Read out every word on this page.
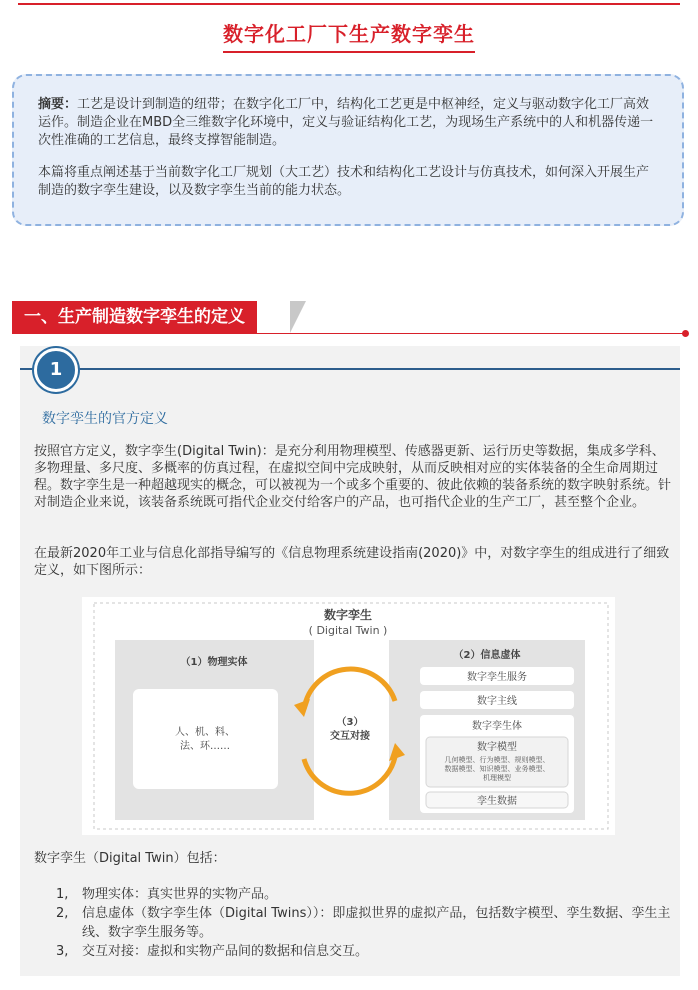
数字化工厂下生产数字孪生

摘要：工艺是设计到制造的纽带；在数字化工厂中，结构化工艺更是中枢神经，定义与驱动数字化工厂高效运作。制造企业在MBD全三维数字化环境中，定义与验证结构化工艺，为现场生产系统中的人和机器传递一次性准确的工艺信息，最终支撑智能制造。

本篇将重点阐述基于当前数字化工厂规划（大工艺）技术和结构化工艺设计与仿真技术，如何深入开展生产制造的数字孪生建设，以及数字孪生当前的能力状态。

一、生产制造数字孪生的定义
1
数字孪生的官方定义

按照官方定义，数字孪生(Digital Twin)：是充分利用物理模型、传感器更新、运行历史等数据，集成多学科、多物理量、多尺度、多概率的仿真过程，在虚拟空间中完成映射，从而反映相对应的实体装备的全生命周期过程。数字孪生是一种超越现实的概念，可以被视为一个或多个重要的、彼此依赖的装备系统的数字映射系统。针对制造企业来说，该装备系统既可指代企业交付给客户的产品，也可指代企业的生产工厂，甚至整个企业。

在最新2020年工业与信息化部指导编写的《信息物理系统建设指南(2020)》中，对数字孪生的组成进行了细致定义，如下图所示：

数字孪生
( Digital Twin )
（1）物理实体
人、机、料、
法、环……
（2）信息虚体
数字孪生服务
数字主线
数字孪生体
数字模型
几何模型、行为模型、规则模型、
数据模型、知识模型、业务模型、
机理模型
孪生数据
（3）
交互对接

数字孪生（Digital Twin）包括：

1, 物理实体：真实世界的实物产品。
2, 信息虚体（数字孪生体（Digital Twins））：即虚拟世界的虚拟产品，包括数字模型、孪生数据、孪生主线、数字孪生服务等。
3, 交互对接：虚拟和实物产品间的数据和信息交互。
